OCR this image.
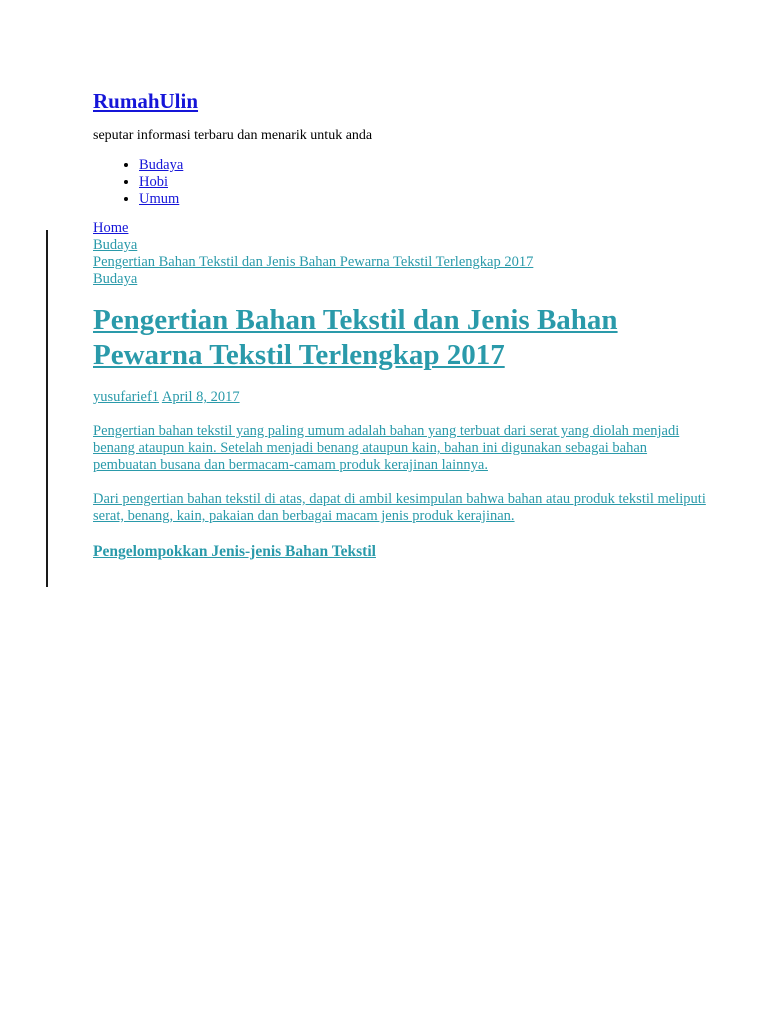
RumahUlin

seputar informasi terbaru dan menarik untuk anda

• Budaya
• Hobi
• Umum
Home
Budaya
Pengertian Bahan Tekstil dan Jenis Bahan Pewarna Tekstil Terlengkap 2017
Budaya
Pengertian Bahan Tekstil dan Jenis Bahan Pewarna Tekstil Terlengkap 2017
yusufarief1 April 8, 2017

Pengertian bahan tekstil yang paling umum adalah bahan yang terbuat dari serat yang diolah menjadi benang ataupun kain. Setelah menjadi benang ataupun kain, bahan ini digunakan sebagai bahan pembuatan busana dan bermacam-camam produk kerajinan lainnya.

Dari pengertian bahan tekstil di atas, dapat di ambil kesimpulan bahwa bahan atau produk tekstil meliputi serat, benang, kain, pakaian dan berbagai macam jenis produk kerajinan.

Pengelompokkan Jenis-jenis Bahan Tekstil
